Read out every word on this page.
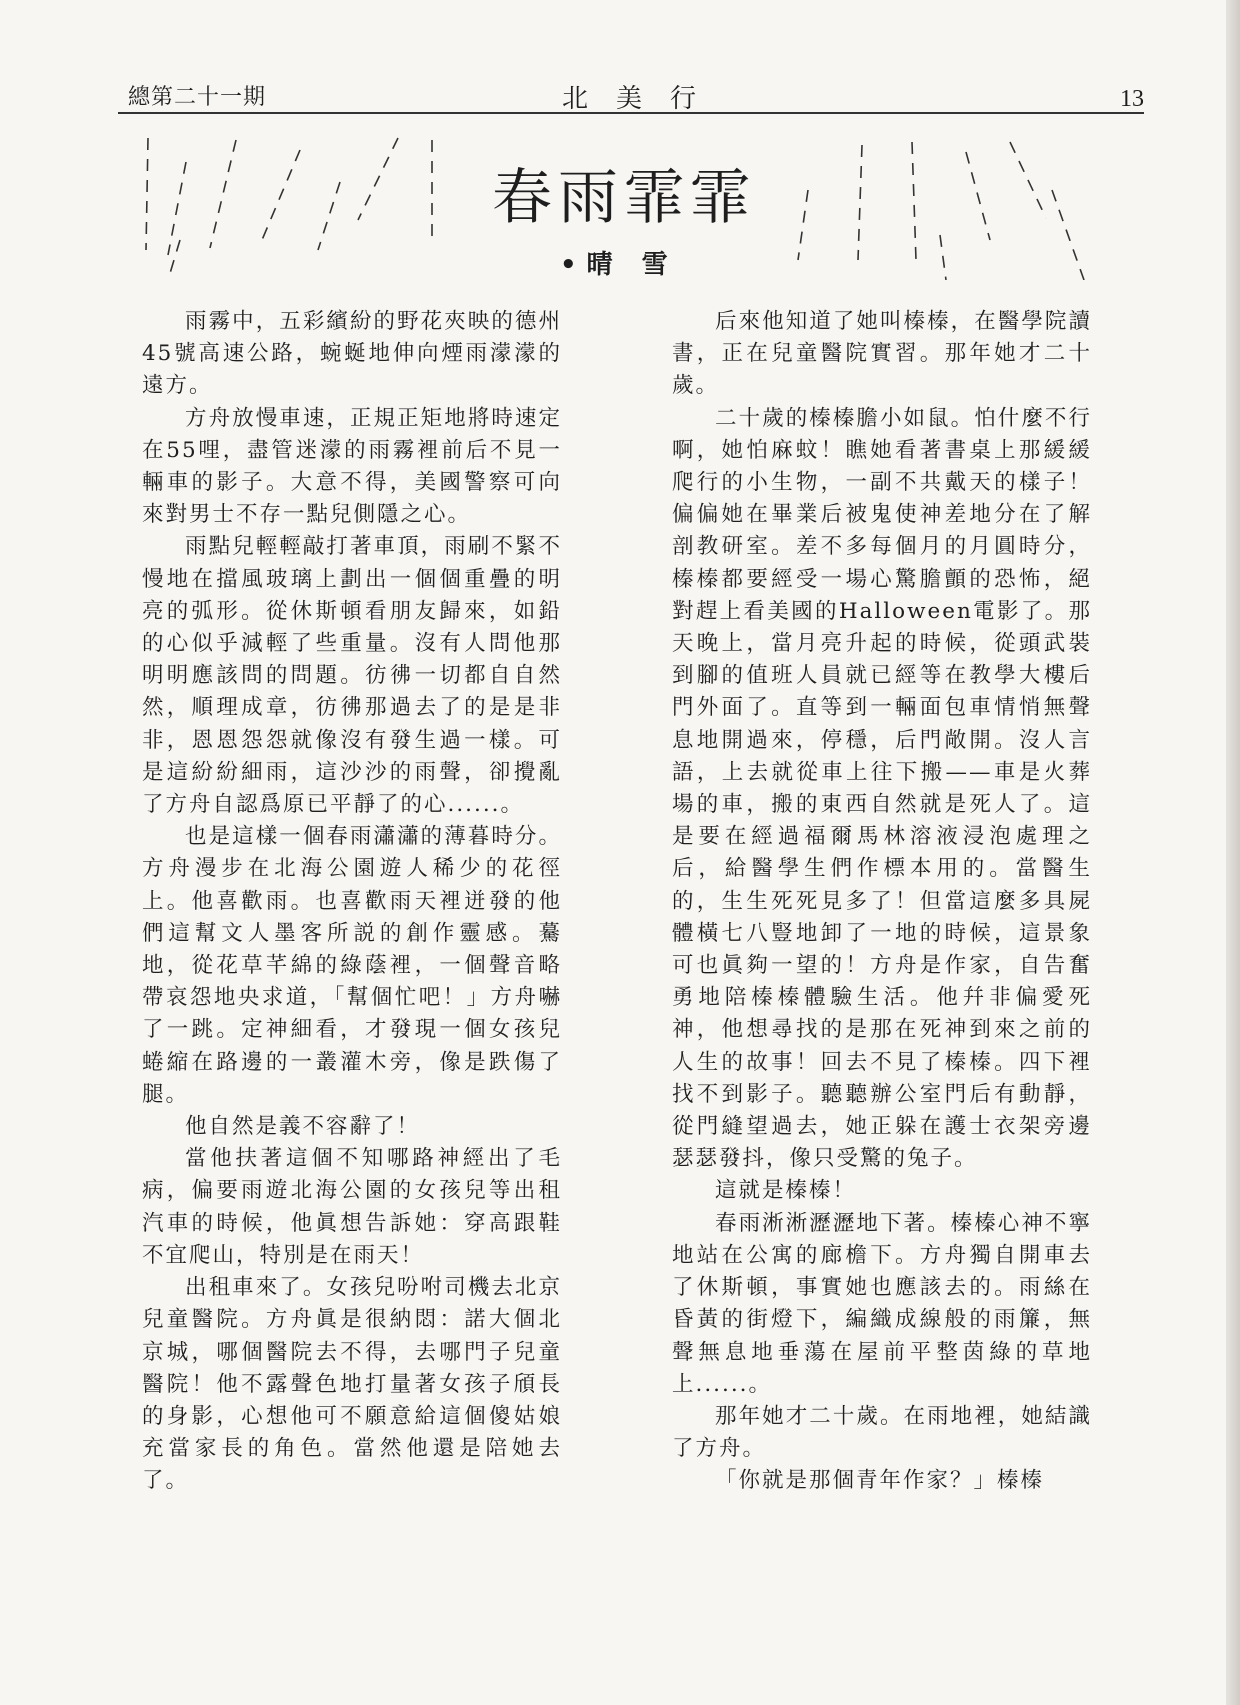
總第二十一期	北美行	13
春雨霏霏
•晴 雪

雨霧中，五彩繽紛的野花夾映的德州45號高速公路，蜿蜒地伸向煙雨濛濛的遠方。

方舟放慢車速，正規正矩地將時速定在55哩，盡管迷濛的雨霧裡前后不見一輛車的影子。大意不得，美國警察可向來對男士不存一點兒側隱之心。

雨點兒輕輕敲打著車頂，雨刷不緊不慢地在擋風玻璃上劃出一個個重疊的明亮的弧形。從休斯頓看朋友歸來，如鉛的心似乎減輕了些重量。沒有人問他那明明應該問的問題。彷彿一切都自自然然，順理成章，彷彿那過去了的是是非非，恩恩怨怨就像沒有發生過一樣。可是這紛紛細雨，這沙沙的雨聲，卻攪亂了方舟自認爲原已平靜了的心......。

也是這樣一個春雨瀟瀟的薄暮時分。方舟漫步在北海公園遊人稀少的花徑上。他喜歡雨。也喜歡雨天裡迸發的他們這幫文人墨客所説的創作靈感。驀地，從花草芊綿的綠蔭裡，一個聲音略帶哀怨地央求道，「幫個忙吧！」方舟嚇了一跳。定神細看，才發現一個女孩兒蜷縮在路邊的一叢灌木旁，像是跌傷了腿。

他自然是義不容辭了！

當他扶著這個不知哪路神經出了毛病，偏要雨遊北海公園的女孩兒等出租汽車的時候，他眞想告訴她：穿高跟鞋不宜爬山，特別是在雨天！

出租車來了。女孩兒吩咐司機去北京兒童醫院。方舟眞是很納悶：諾大個北京城，哪個醫院去不得，去哪門子兒童醫院！他不露聲色地打量著女孩子頎長的身影，心想他可不願意給這個傻姑娘充當家長的角色。當然他還是陪她去了。

后來他知道了她叫榛榛，在醫學院讀書，正在兒童醫院實習。那年她才二十歲。

二十歲的榛榛膽小如鼠。怕什麼不行啊，她怕麻蚊！瞧她看著書桌上那緩緩爬行的小生物，一副不共戴天的樣子！偏偏她在畢業后被鬼使神差地分在了解剖教研室。差不多每個月的月圓時分，榛榛都要經受一場心驚膽顫的恐怖，絕對趕上看美國的Halloween電影了。那天晚上，當月亮升起的時候，從頭武裝到腳的值班人員就已經等在教學大樓后門外面了。直等到一輛面包車情悄無聲息地開過來，停穩，后門敞開。沒人言語，上去就從車上往下搬——車是火葬場的車，搬的東西自然就是死人了。這是要在經過福爾馬林溶液浸泡處理之后，給醫學生們作標本用的。當醫生的，生生死死見多了！但當這麼多具屍體橫七八豎地卸了一地的時候，這景象可也眞夠一望的！方舟是作家，自告奮勇地陪榛榛體驗生活。他幷非偏愛死神，他想尋找的是那在死神到來之前的人生的故事！回去不見了榛榛。四下裡找不到影子。聽聽辦公室門后有動靜，從門縫望過去，她正躲在護士衣架旁邊瑟瑟發抖，像只受驚的兔子。

這就是榛榛！

春雨淅淅瀝瀝地下著。榛榛心神不寧地站在公寓的廊檐下。方舟獨自開車去了休斯頓，事實她也應該去的。雨絲在昏黃的街燈下，編織成線般的雨簾，無聲無息地垂蕩在屋前平整茵綠的草地上......。

那年她才二十歲。在雨地裡，她結識了方舟。

「你就是那個青年作家？」榛榛
